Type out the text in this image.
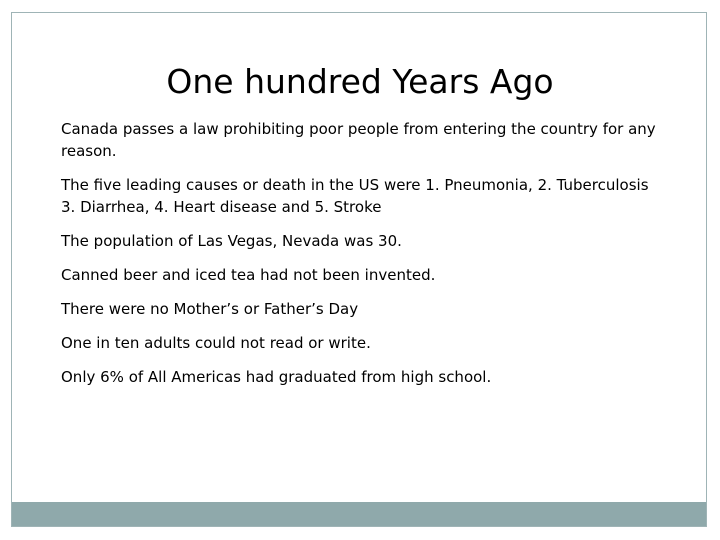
One hundred Years Ago
Canada passes a law prohibiting poor people from entering the country for any reason.
The five leading causes or death in the US were 1. Pneumonia, 2. Tuberculosis 3. Diarrhea, 4. Heart disease and 5. Stroke
The population of Las Vegas, Nevada was 30.
Canned beer and iced tea had not been invented.
There were no Mother’s or Father’s Day
One in ten adults could not read or write.
Only 6% of All Americas had graduated from high school.
